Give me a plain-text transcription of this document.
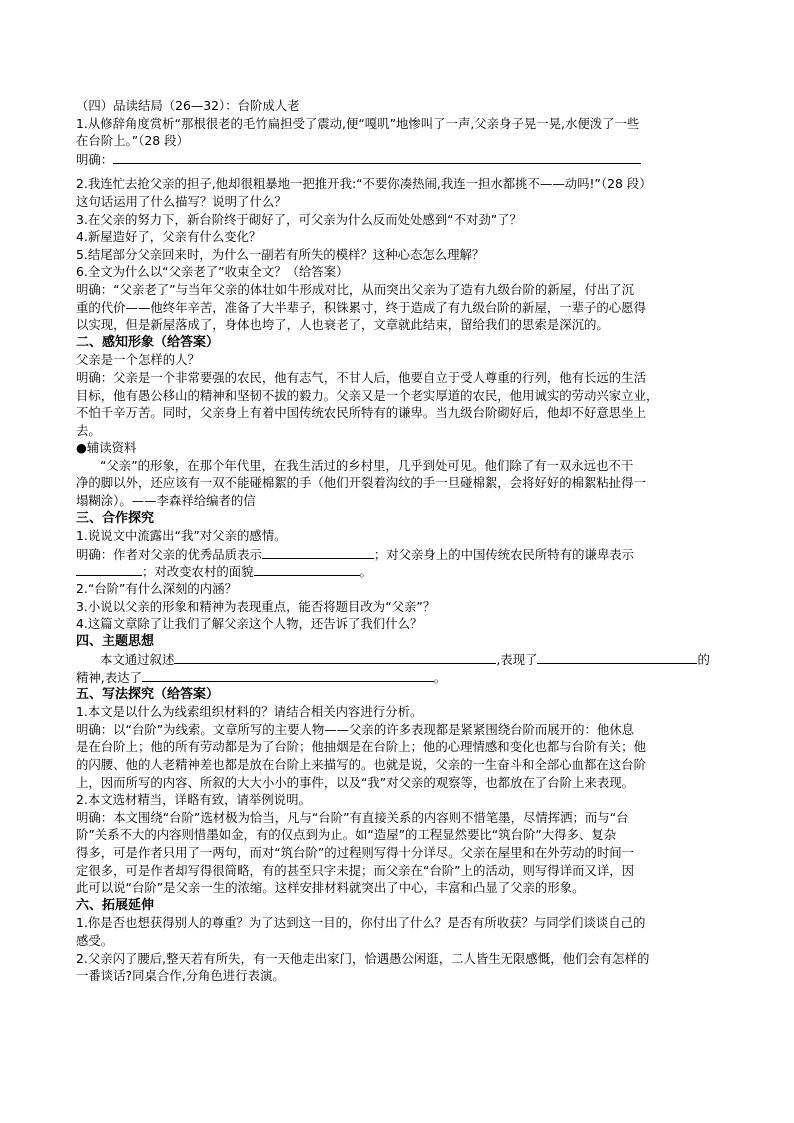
（四）品读结局（26—32）：台阶成人老
1.从修辞角度赏析“那根很老的毛竹扁担受了震动,便“嘎叽”地惨叫了一声,父亲身子晃一晃,水便泼了一些
在台阶上。”（28 段）
明确：
2.我连忙去抢父亲的担子,他却很粗暴地一把推开我:“不要你凑热闹,我连一担水都挑不——动吗!”（28 段）
这句话运用了什么描写？说明了什么？
3.在父亲的努力下，新台阶终于砌好了，可父亲为什么反而处处感到“不对劲”了？
4.新屋造好了，父亲有什么变化？
5.结尾部分父亲回来时，为什么一副若有所失的模样？这种心态怎么理解？
6.全文为什么以“父亲老了”收束全文？（给答案）
明确：“父亲老了”与当年父亲的体壮如牛形成对比，从而突出父亲为了造有九级台阶的新屋，付出了沉
重的代价——他终年辛苦，准备了大半辈子，积铢累寸，终于造成了有九级台阶的新屋，一辈子的心愿得
以实现，但是新屋落成了，身体也垮了，人也衰老了，文章就此结束，留给我们的思索是深沉的。
二、感知形象（给答案）
父亲是一个怎样的人？
明确：父亲是一个非常要强的农民，他有志气，不甘人后，他要自立于受人尊重的行列，他有长远的生活
目标，他有愚公移山的精神和坚韧不拔的毅力。父亲又是一个老实厚道的农民，他用诚实的劳动兴家立业，
不怕千辛万苦。同时，父亲身上有着中国传统农民所特有的谦卑。当九级台阶砌好后，他却不好意思坐上
去。
●辅读资料
“父亲”的形象，在那个年代里，在我生活过的乡村里，几乎到处可见。他们除了有一双永远也不干
净的脚以外，还应该有一双不能碰棉絮的手（他们开裂着沟纹的手一旦碰棉絮，会将好好的棉絮粘扯得一
塌糊涂）。——李森祥给编者的信
三、合作探究
1.说说文中流露出“我”对父亲的感情。
明确：作者对父亲的优秀品质表示	；对父亲身上的中国传统农民所特有的谦卑表示
；对改变农村的面貌	。
2.“台阶”有什么深刻的内涵？
3.小说以父亲的形象和精神为表现重点，能否将题目改为“父亲”？
4.这篇文章除了让我们了解父亲这个人物，还告诉了我们什么？
四、主题思想
本文通过叙述	,表现了	的
精神,表达了	。
五、写法探究（给答案）
1.本文是以什么为线索组织材料的？请结合相关内容进行分析。
明确：以“台阶”为线索。文章所写的主要人物——父亲的许多表现都是紧紧围绕台阶而展开的：他休息
是在台阶上；他的所有劳动都是为了台阶；他抽烟是在台阶上；他的心理情感和变化也都与台阶有关；他
的闪腰、他的人老精神差也都是放在台阶上来描写的。也就是说，父亲的一生奋斗和全部心血都在这台阶
上，因而所写的内容、所叙的大大小小的事件，以及“我”对父亲的观察等，也都放在了台阶上来表现。
2.本文选材精当，详略有致，请举例说明。
明确：本文围绕“台阶”选材极为恰当，凡与“台阶”有直接关系的内容则不惜笔墨，尽情挥洒；而与“台
阶”关系不大的内容则惜墨如金，有的仅点到为止。如“造屋”的工程显然要比“筑台阶”大得多、复杂
得多，可是作者只用了一两句，而对“筑台阶”的过程则写得十分详尽。父亲在屋里和在外劳动的时间一
定很多，可是作者却写得很简略，有的甚至只字未提；而父亲在“台阶”上的活动，则写得详而又详，因
此可以说“台阶”是父亲一生的浓缩。这样安排材料就突出了中心，丰富和凸显了父亲的形象。
六、拓展延伸
1.你是否也想获得别人的尊重？为了达到这一目的，你付出了什么？是否有所收获？与同学们谈谈自己的
感受。
2.父亲闪了腰后,整天若有所失，有一天他走出家门，恰遇愚公闲逛，二人皆生无限感慨，他们会有怎样的
一番谈话?同桌合作,分角色进行表演。
